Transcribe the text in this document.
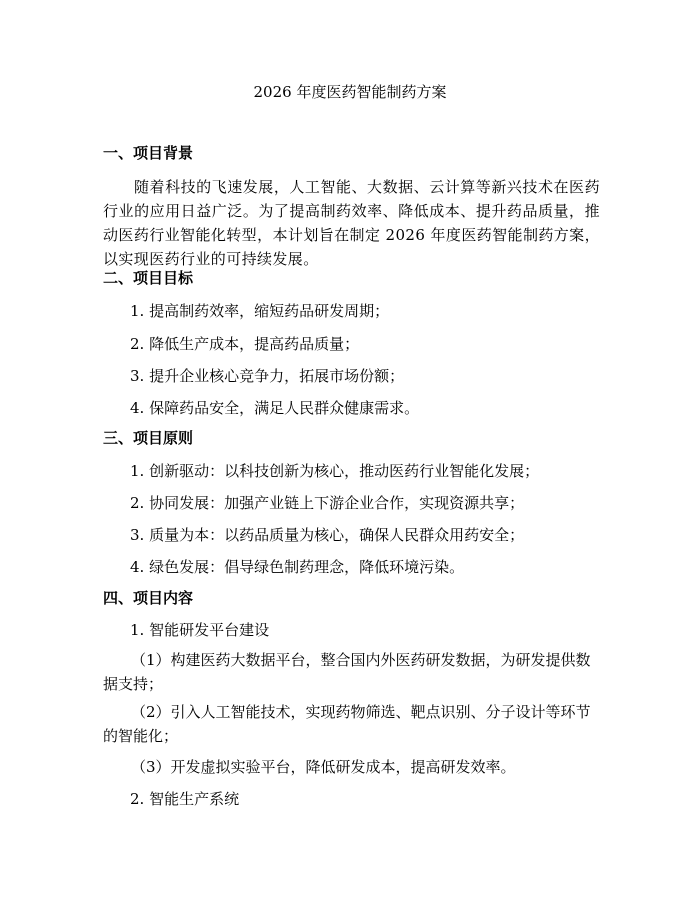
2026 年度医药智能制药方案
一、项目背景
随着科技的飞速发展，人工智能、大数据、云计算等新兴技术在医药行业的应用日益广泛。为了提高制药效率、降低成本、提升药品质量，推动医药行业智能化转型，本计划旨在制定 2026 年度医药智能制药方案，以实现医药行业的可持续发展。
二、项目目标
1. 提高制药效率，缩短药品研发周期；
2. 降低生产成本，提高药品质量；
3. 提升企业核心竞争力，拓展市场份额；
4. 保障药品安全，满足人民群众健康需求。
三、项目原则
1. 创新驱动：以科技创新为核心，推动医药行业智能化发展；
2. 协同发展：加强产业链上下游企业合作，实现资源共享；
3. 质量为本：以药品质量为核心，确保人民群众用药安全；
4. 绿色发展：倡导绿色制药理念，降低环境污染。
四、项目内容
1. 智能研发平台建设
（1）构建医药大数据平台，整合国内外医药研发数据，为研发提供数据支持；
（2）引入人工智能技术，实现药物筛选、靶点识别、分子设计等环节的智能化；
（3）开发虚拟实验平台，降低研发成本，提高研发效率。
2. 智能生产系统
